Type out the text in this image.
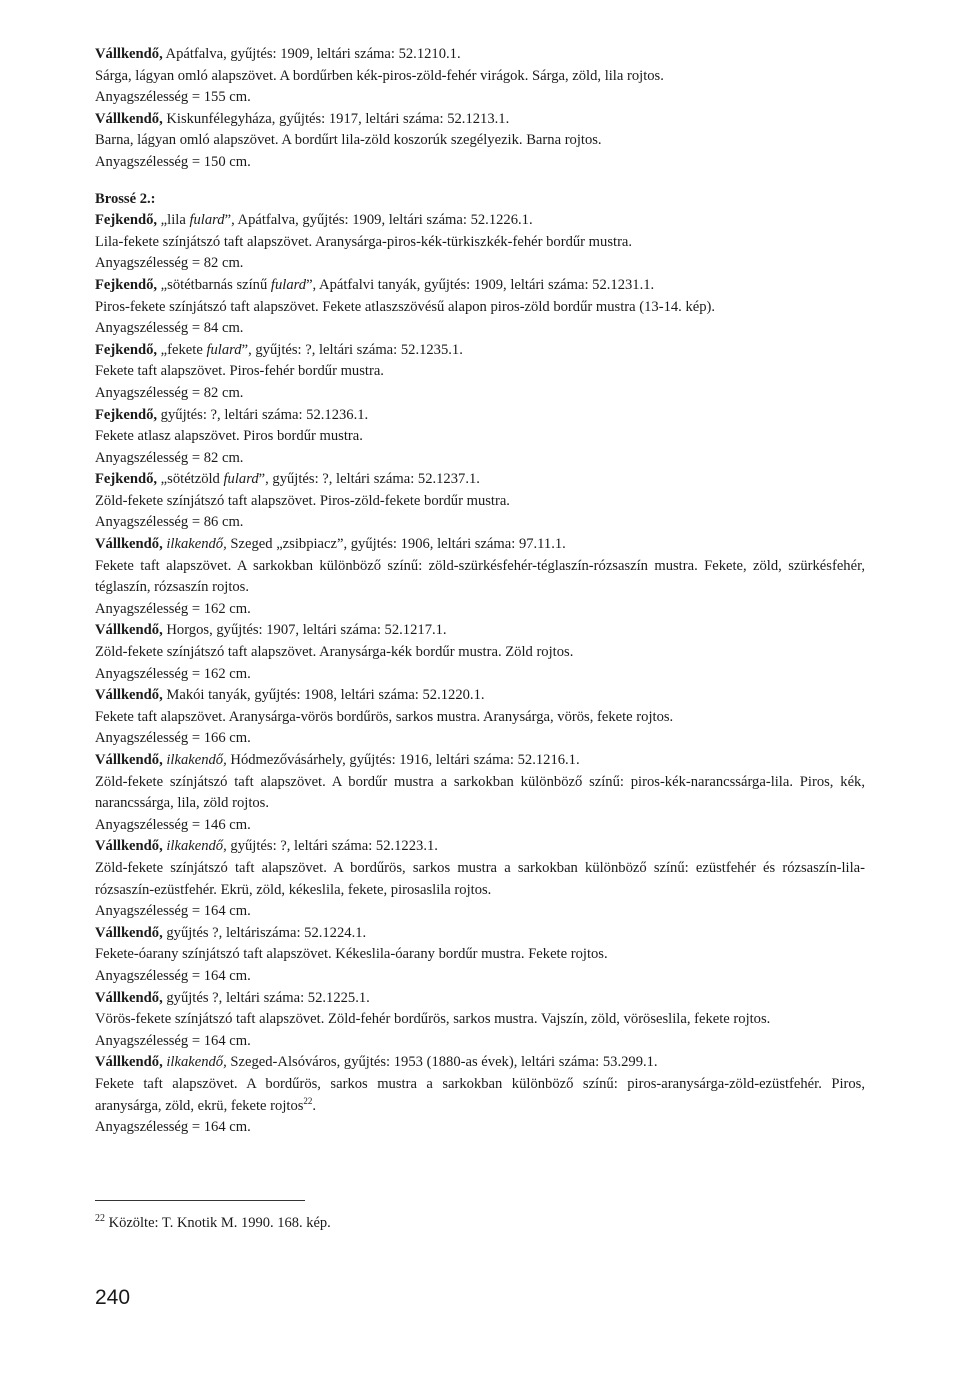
Vállkendő, Apátfalva, gyűjtés: 1909, leltári száma: 52.1210.1.
Sárga, lágyan omló alapszövet. A bordűrben kék-piros-zöld-fehér virágok. Sárga, zöld, lila rojtos.
Anyagszélesség = 155 cm.
Vállkendő, Kiskunfélegyháza, gyűjtés: 1917, leltári száma: 52.1213.1.
Barna, lágyan omló alapszövet. A bordűrt lila-zöld koszorúk szegélyezik. Barna rojtos.
Anyagszélesség = 150 cm.
Brossé 2.:
Fejkendő, „lila fulard”, Apátfalva, gyűjtés: 1909, leltári száma: 52.1226.1.
Lila-fekete színjátszó taft alapszövet. Aranysárga-piros-kék-türkiszkék-fehér bordűr mustra.
Anyagszélesség = 82 cm.
Fejkendő, „sötétbarnás színű fulard”, Apátfalvi tanyák, gyűjtés: 1909, leltári száma: 52.1231.1.
Piros-fekete színjátszó taft alapszövet. Fekete atlaszszövésű alapon piros-zöld bordűr mustra (13-14. kép).
Anyagszélesség = 84 cm.
Fejkendő, „fekete fulard”, gyűjtés: ?, leltári száma: 52.1235.1.
Fekete taft alapszövet. Piros-fehér bordűr mustra.
Anyagszélesség = 82 cm.
Fejkendő, gyűjtés: ?, leltári száma: 52.1236.1.
Fekete atlasz alapszövet. Piros bordűr mustra.
Anyagszélesség = 82 cm.
Fejkendő, „sötétzöld fulard”, gyűjtés: ?, leltári száma: 52.1237.1.
Zöld-fekete színjátszó taft alapszövet. Piros-zöld-fekete bordűr mustra.
Anyagszélesség = 86 cm.
Vállkendő, ilkakendő, Szeged „zsibpiacz”, gyűjtés: 1906, leltári száma: 97.11.1.
Fekete taft alapszövet. A sarkokban különböző színű: zöld-szürkésfehér-téglaszín-rózsaszín mustra. Fekete, zöld, szürkésfehér, téglaszín, rózsaszín rojtos.
Anyagszélesség = 162 cm.
Vállkendő, Horgos, gyűjtés: 1907, leltári száma: 52.1217.1.
Zöld-fekete színjátszó taft alapszövet. Aranysárga-kék bordűr mustra. Zöld rojtos.
Anyagszélesség = 162 cm.
Vállkendő, Makói tanyák, gyűjtés: 1908, leltári száma: 52.1220.1.
Fekete taft alapszövet. Aranysárga-vörös bordűrös, sarkos mustra. Aranysárga, vörös, fekete rojtos.
Anyagszélesség = 166 cm.
Vállkendő, ilkakendő, Hódmezővásárhely, gyűjtés: 1916, leltári száma: 52.1216.1.
Zöld-fekete színjátszó taft alapszövet. A bordűr mustra a sarkokban különböző színű: piros-kék-narancssárga-lila. Piros, kék, narancssárga, lila, zöld rojtos.
Anyagszélesség = 146 cm.
Vállkendő, ilkakendő, gyűjtés: ?, leltári száma: 52.1223.1.
Zöld-fekete színjátszó taft alapszövet. A bordűrös, sarkos mustra a sarkokban különböző színű: ezüstfehér és rózsaszín-lila-rózsaszín-ezüstfehér. Ekrü, zöld, kékeslila, fekete, pirosaslila rojtos.
Anyagszélesség = 164 cm.
Vállkendő, gyűjtés ?, leltáriszáma: 52.1224.1.
Fekete-óarany színjátszó taft alapszövet. Kékeslila-óarany bordűr mustra. Fekete rojtos.
Anyagszélesség = 164 cm.
Vállkendő, gyűjtés ?, leltári száma: 52.1225.1.
Vörös-fekete színjátszó taft alapszövet. Zöld-fehér bordűrös, sarkos mustra. Vajszín, zöld, vöröseslila, fekete rojtos.
Anyagszélesség = 164 cm.
Vállkendő, ilkakendő, Szeged-Alsóváros, gyűjtés: 1953 (1880-as évek), leltári száma: 53.299.1.
Fekete taft alapszövet. A bordűrös, sarkos mustra a sarkokban különböző színű: piros-aranysárga-zöld-ezüstfehér. Piros, aranysárga, zöld, ekrü, fekete rojtos$^{22}$.
Anyagszélesség = 164 cm.
$^{22}$ Közölte: T. Knotik M. 1990. 168. kép.
240
